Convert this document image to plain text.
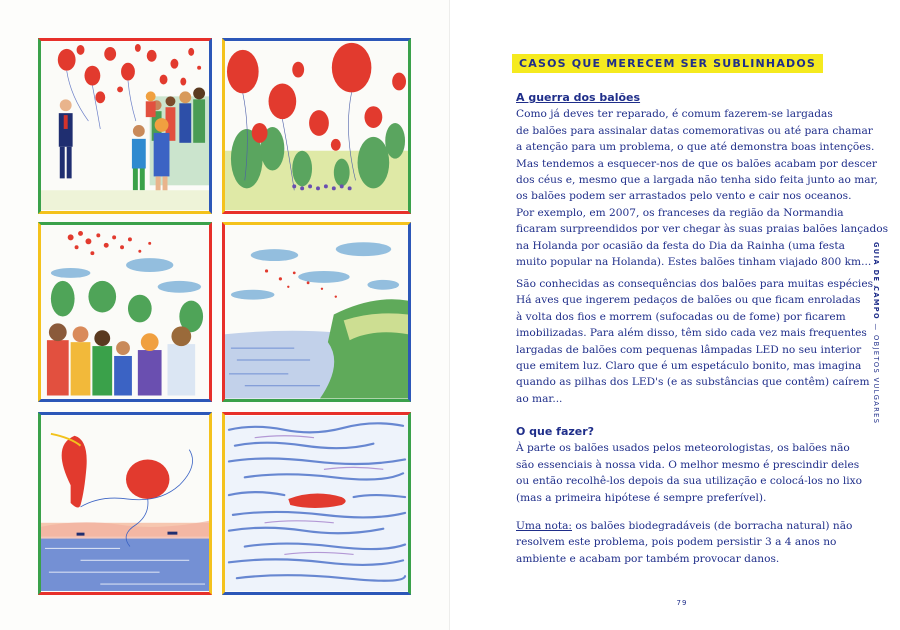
CASOS QUE MERECEM SER SUBLINHADOS
A guerra dos balões
Como já deves ter reparado, é comum fazerem-se largadas
de balões para assinalar datas comemorativas ou até para chamar
a atenção para um problema, o que até demonstra boas intenções.
Mas tendemos a esquecer-nos de que os balões acabam por descer
dos céus e, mesmo que a largada não tenha sido feita junto ao mar,
os balões podem ser arrastados pelo vento e cair nos oceanos.
Por exemplo, em 2007, os franceses da região da Normandia
ficaram surpreendidos por ver chegar às suas praias balões lançados
na Holanda por ocasião da festa do Dia da Rainha (uma festa
muito popular na Holanda). Estes balões tinham viajado 800 km...
São conhecidas as consequências dos balões para muitas espécies.
Há aves que ingerem pedaços de balões ou que ficam enroladas
à volta dos fios e morrem (sufocadas ou de fome) por ficarem
imobilizadas. Para além disso, têm sido cada vez mais frequentes
largadas de balões com pequenas lâmpadas LED no seu interior
que emitem luz. Claro que é um espetáculo bonito, mas imagina
quando as pilhas dos LED's (e as substâncias que contêm) caírem
ao mar...
O que fazer?
À parte os balões usados pelos meteorologistas, os balões não
são essenciais à nossa vida. O melhor mesmo é prescindir deles
ou então recolhê-los depois da sua utilização e colocá-los no lixo
(mas a primeira hipótese é sempre preferível).
Uma nota: os balões biodegradáveis (de borracha natural) não
resolvem este problema, pois podem persistir 3 a 4 anos no
ambiente e acabam por também provocar danos.
GUIA DE CAMPO — OBJETOS VULGARES
79
